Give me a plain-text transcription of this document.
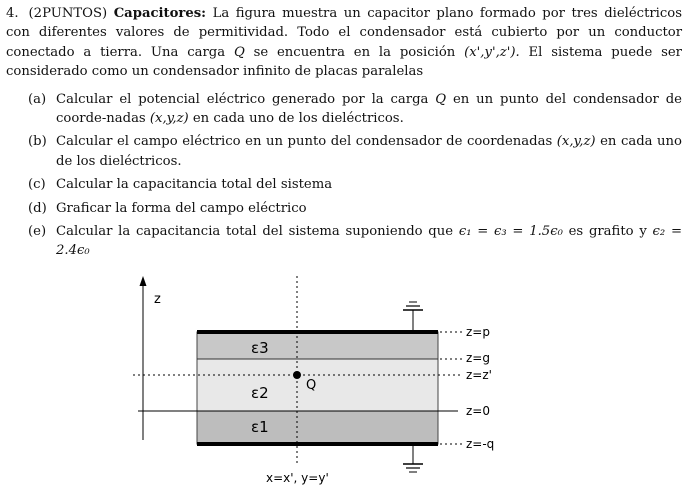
4. (2PUNTOS) Capacitores: La figura muestra un capacitor plano formado por tres dieléctricos con diferentes valores de permitividad. Todo el condensador está cubierto por un conductor conectado a tierra. Una carga Q se encuentra en la posición (x',y',z'). El sistema puede ser considerado como un condensador infinito de placas paralelas
(a) Calcular el potencial eléctrico generado por la carga Q en un punto del condensador de coorde-nadas (x,y,z) en cada uno de los dieléctricos.
(b) Calcular el campo eléctrico en un punto del condensador de coordenadas (x,y,z) en cada uno de los dieléctricos.
(c) Calcular la capacitancia total del sistema
(d) Graficar la forma del campo eléctrico
(e) Calcular la capacitancia total del sistema suponiendo que ϵ₁ = ϵ₃ = 1.5ϵ₀ es grafito y ϵ₂ = 2.4ϵ₀
z
Q
ε3
ε2
ε1
z=p
z=g
z=z'
z=0
z=-q
x=x', y=y'
